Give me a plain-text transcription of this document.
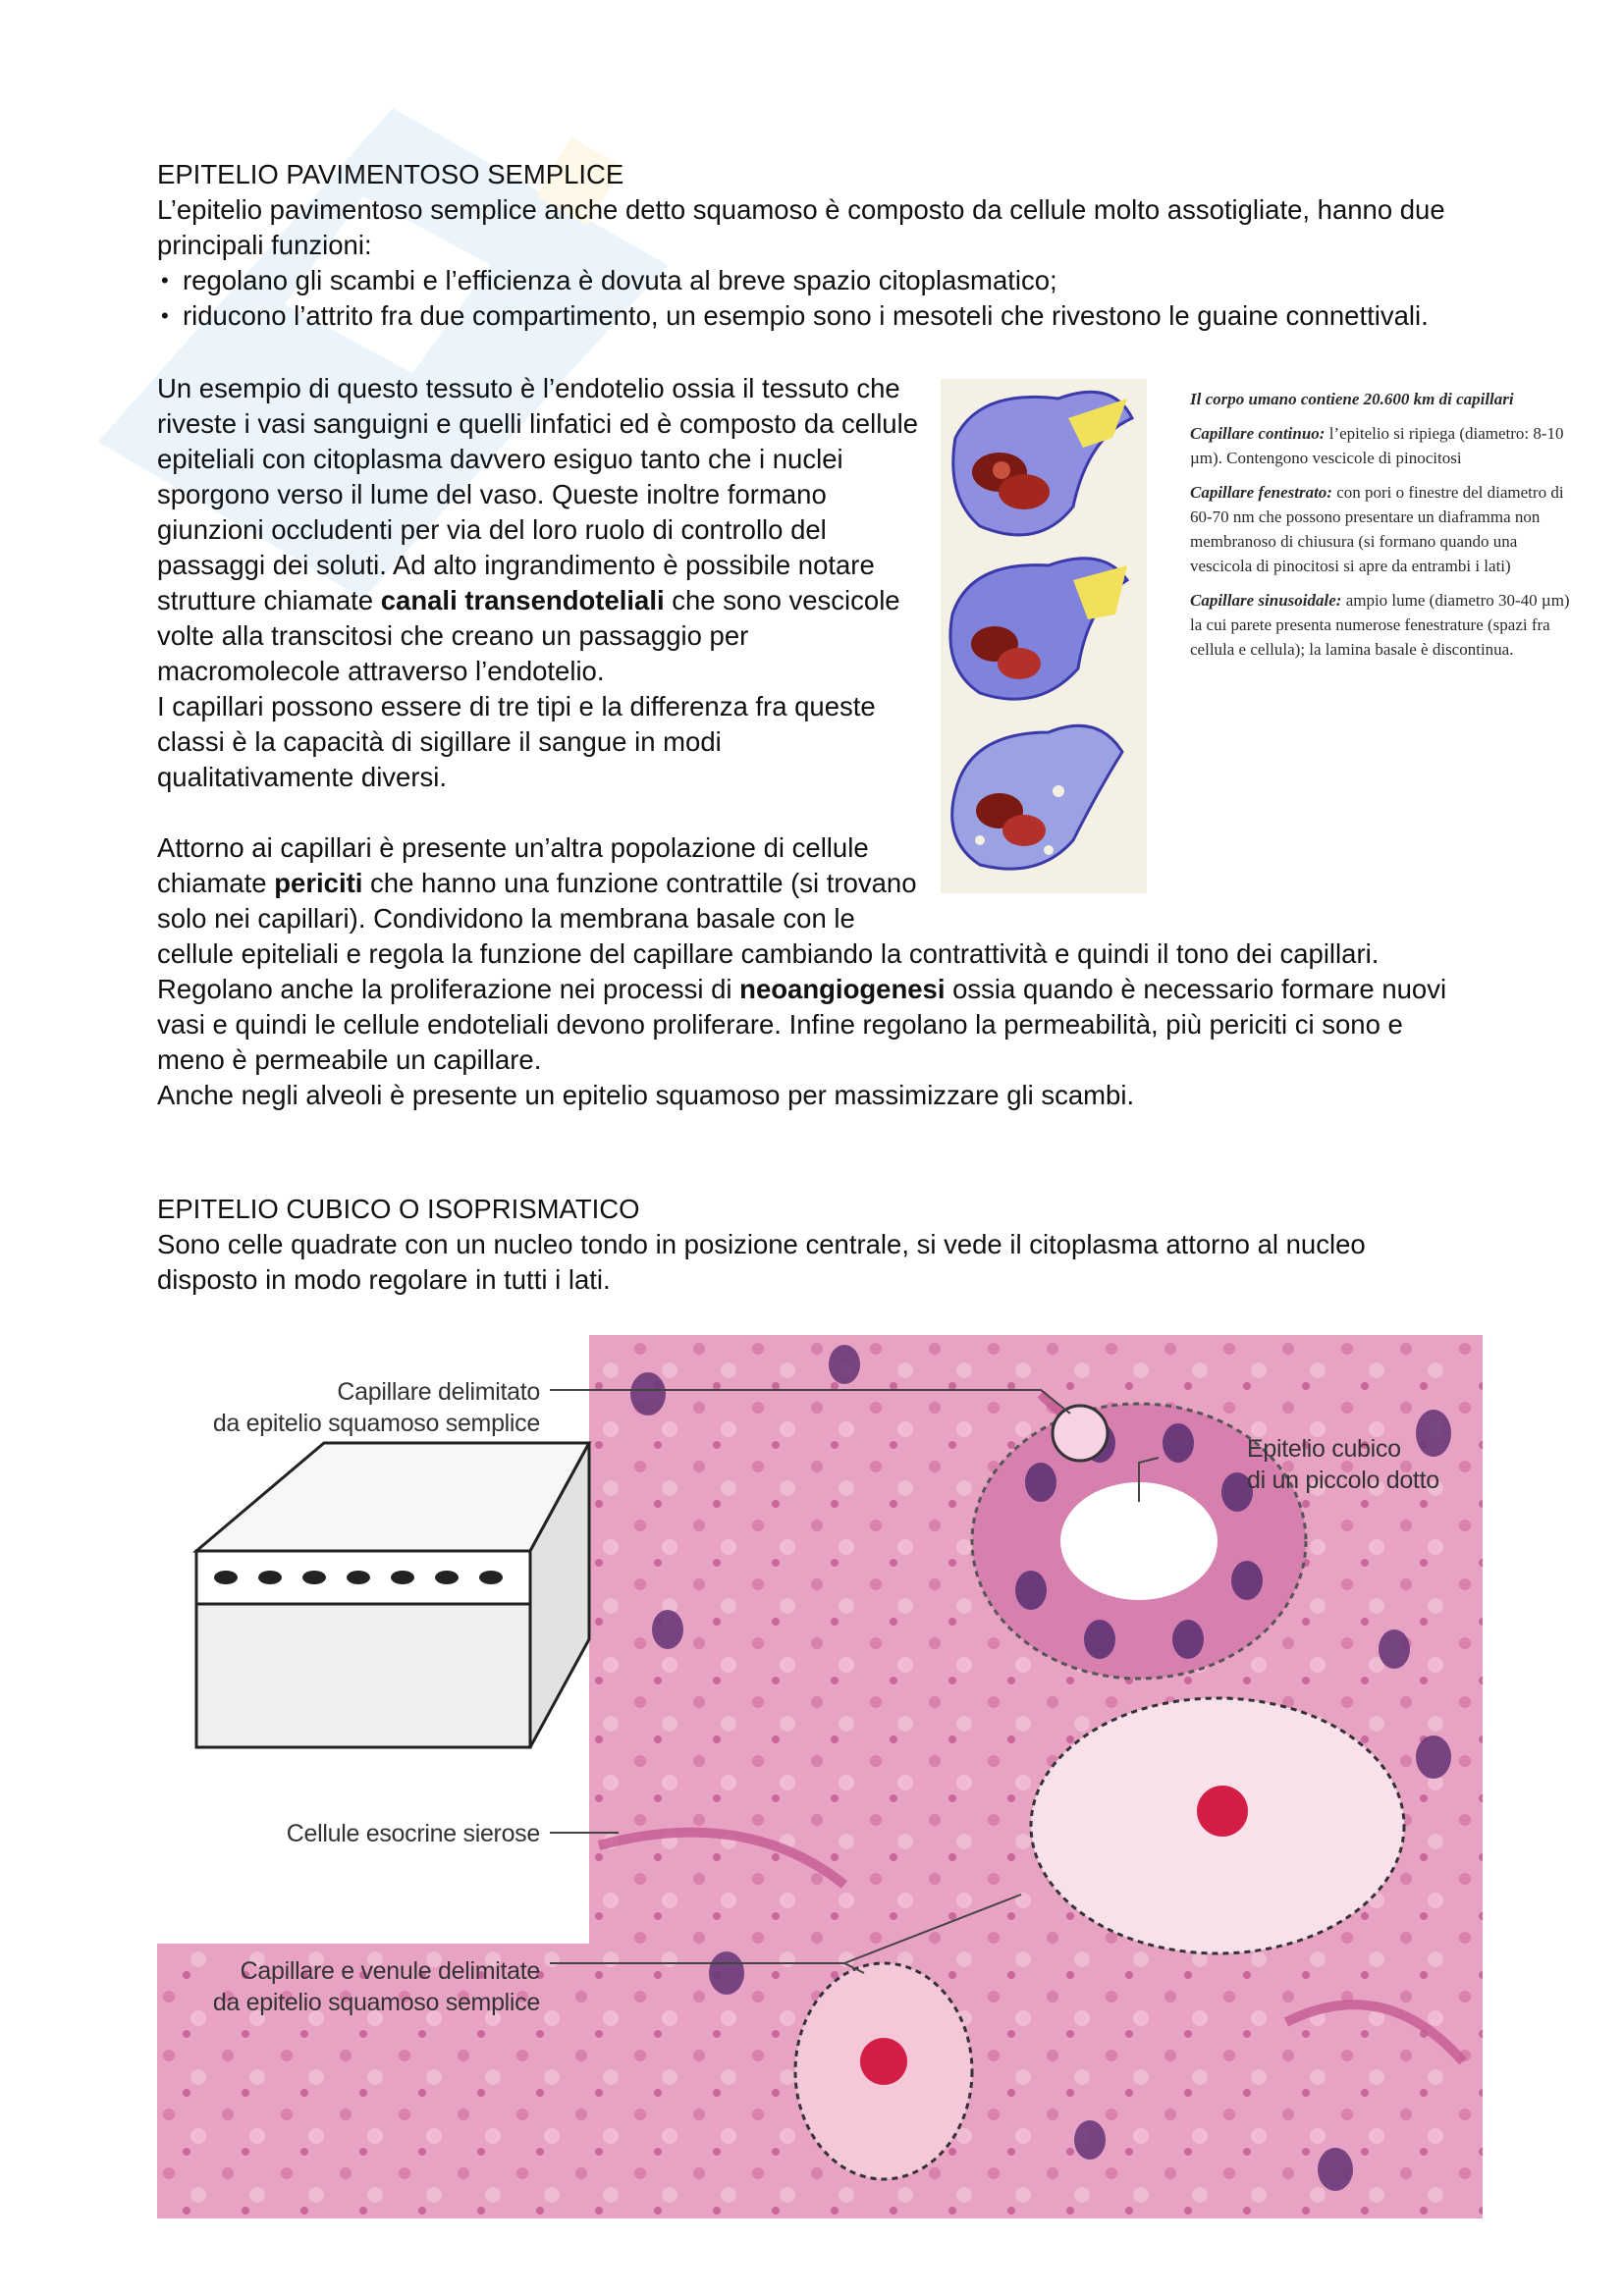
EPITELIO PAVIMENTOSO SEMPLICE

L’epitelio pavimentoso semplice anche detto squamoso è composto da cellule molto assotigliate, hanno due principali funzioni:

• regolano gli scambi e l’efficienza è dovuta al breve spazio citoplasmatico;
• riducono l’attrito fra due compartimento, un esempio sono i mesoteli che rivestono le guaine connettivali.

Un esempio di questo tessuto è l’endotelio ossia il tessuto che riveste i vasi sanguigni e quelli linfatici ed è composto da cellule epiteliali con citoplasma davvero esiguo tanto che i nuclei sporgono verso il lume del vaso. Queste inoltre formano giunzioni occludenti per via del loro ruolo di controllo del passaggi dei soluti. Ad alto ingrandimento è possibile notare strutture chiamate canali transendoteliali che sono vescicole volte alla transcitosi che creano un passaggio per macromolecole attraverso l’endotelio.

I capillari possono essere di tre tipi e la differenza fra queste classi è la capacità di sigillare il sangue in modi qualitativamente diversi.

Attorno ai capillari è presente un’altra popolazione di cellule chiamate periciti che hanno una funzione contrattile (si trovano solo nei capillari). Condividono la membrana basale con le cellule epiteliali e regola la funzione del capillare cambiando la contrattività e quindi il tono dei capillari. Regolano anche la proliferazione nei processi di neoangiogenesi ossia quando è necessario formare nuovi vasi e quindi le cellule endoteliali devono proliferare. Infine regolano la permeabilità, più periciti ci sono e meno è permeabile un capillare.

Anche negli alveoli è presente un epitelio squamoso per massimizzare gli scambi.

Il corpo umano contiene 20.600 km di capillari

Capillare continuo: l’epitelio si ripiega (diametro: 8-10 µm). Contengono vescicole di pinocitosi

Capillare fenestrato: con pori o finestre del diametro di 60-70 nm che possono presentare un diaframma non membranoso di chiusura (si formano quando una vescicola di pinocitosi si apre da entrambi i lati)

Capillare sinusoidale: ampio lume (diametro 30-40 µm) la cui parete presenta numerose fenestrature (spazi fra cellula e cellula); la lamina basale è discontinua.

EPITELIO CUBICO O ISOPRISMATICO

Sono celle quadrate con un nucleo tondo in posizione centrale, si vede il citoplasma attorno al nucleo disposto in modo regolare in tutti i lati.

Capillare delimitato
da epitelio squamoso semplice
Epitelio cubico
di un piccolo dotto
Cellule esocrine sierose
Capillare e venule delimitate
da epitelio squamoso semplice
